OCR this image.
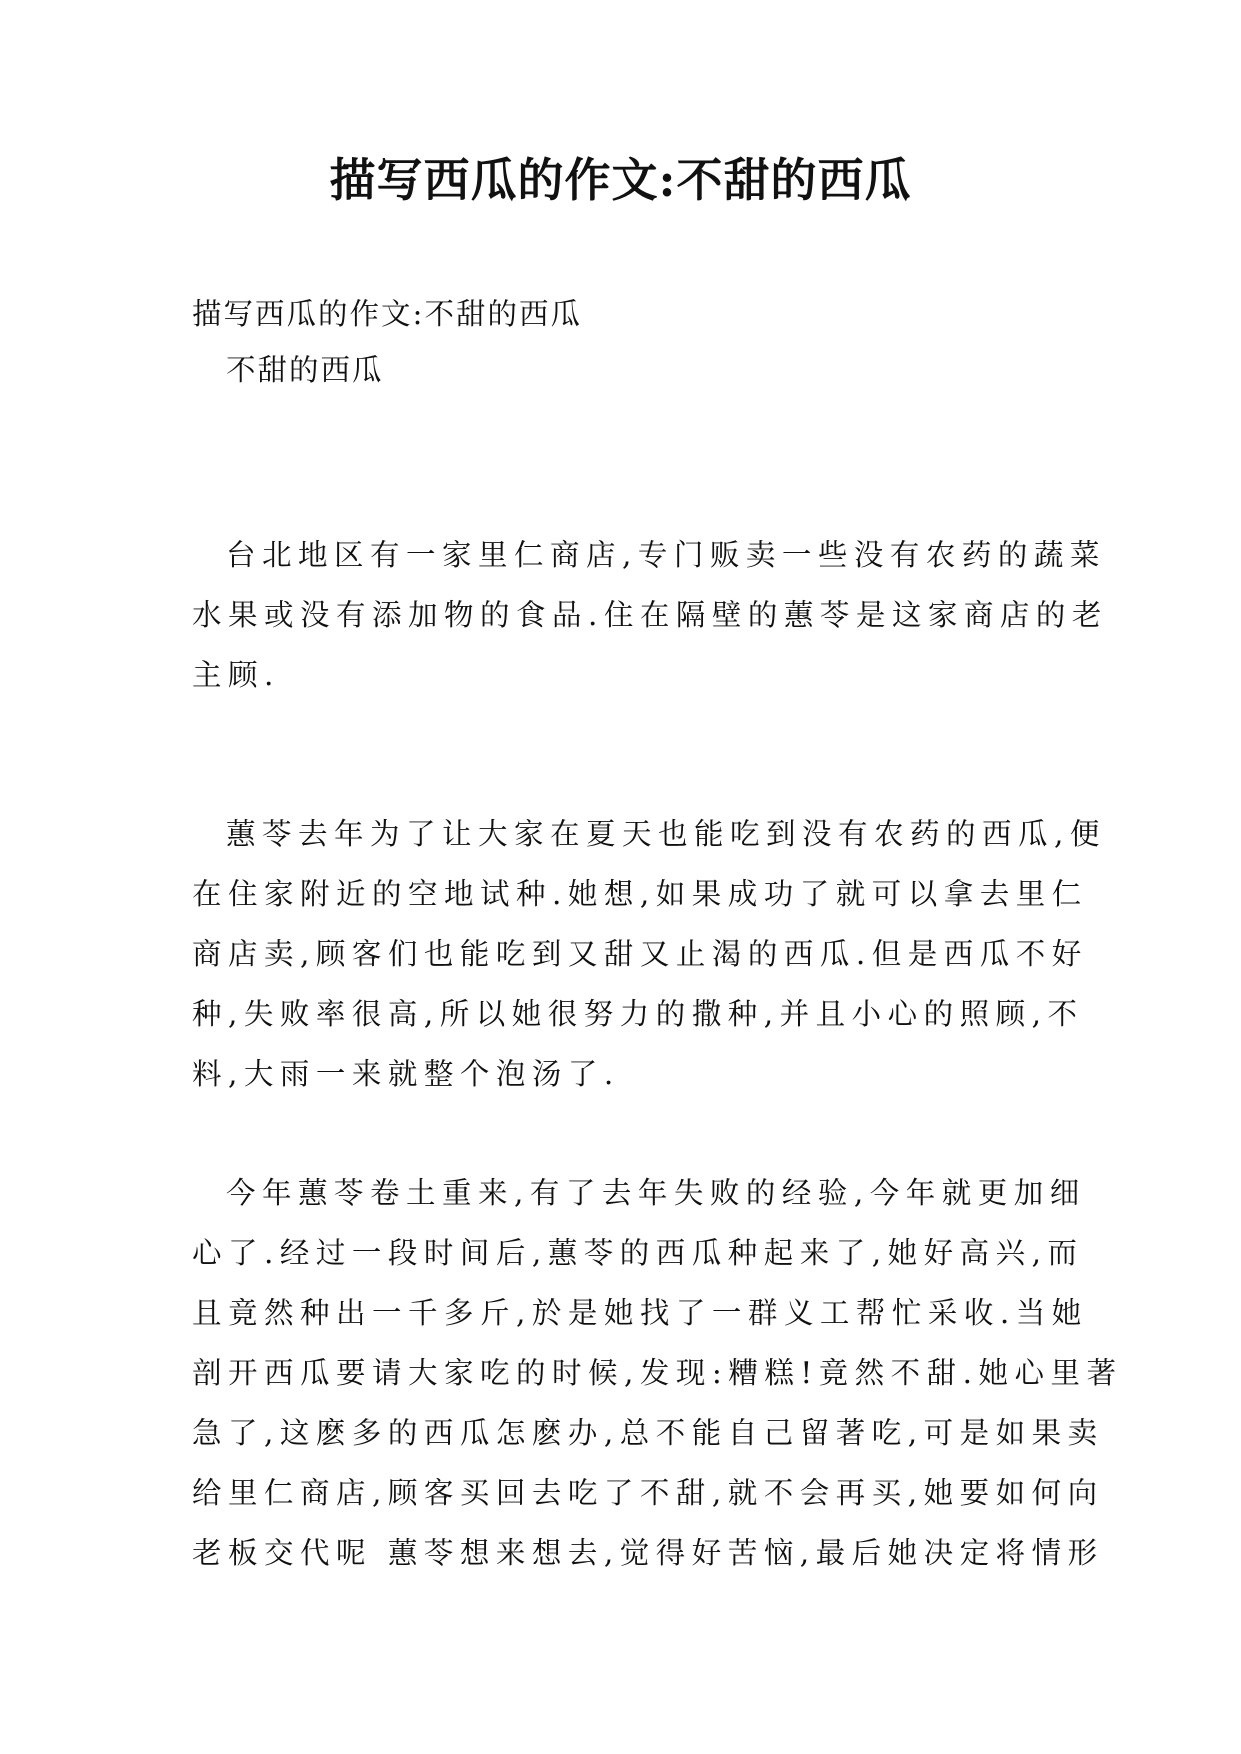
描写西瓜的作文:不甜的西瓜

描写西瓜的作文:不甜的西瓜

不甜的西瓜

台北地区有一家里仁商店,专门贩卖一些没有农药的蔬菜
水果或没有添加物的食品.住在隔壁的蕙苓是这家商店的老
主顾.
蕙苓去年为了让大家在夏天也能吃到没有农药的西瓜,便
在住家附近的空地试种.她想,如果成功了就可以拿去里仁
商店卖,顾客们也能吃到又甜又止渴的西瓜.但是西瓜不好
种,失败率很高,所以她很努力的撒种,并且小心的照顾,不
料,大雨一来就整个泡汤了.
今年蕙苓卷土重来,有了去年失败的经验,今年就更加细
心了.经过一段时间后,蕙苓的西瓜种起来了,她好高兴,而
且竟然种出一千多斤,於是她找了一群义工帮忙采收.当她
剖开西瓜要请大家吃的时候,发现:糟糕!竟然不甜.她心里著
急了,这麽多的西瓜怎麽办,总不能自己留著吃,可是如果卖
给里仁商店,顾客买回去吃了不甜,就不会再买,她要如何向
老板交代呢 蕙苓想来想去,觉得好苦恼,最后她决定将情形
